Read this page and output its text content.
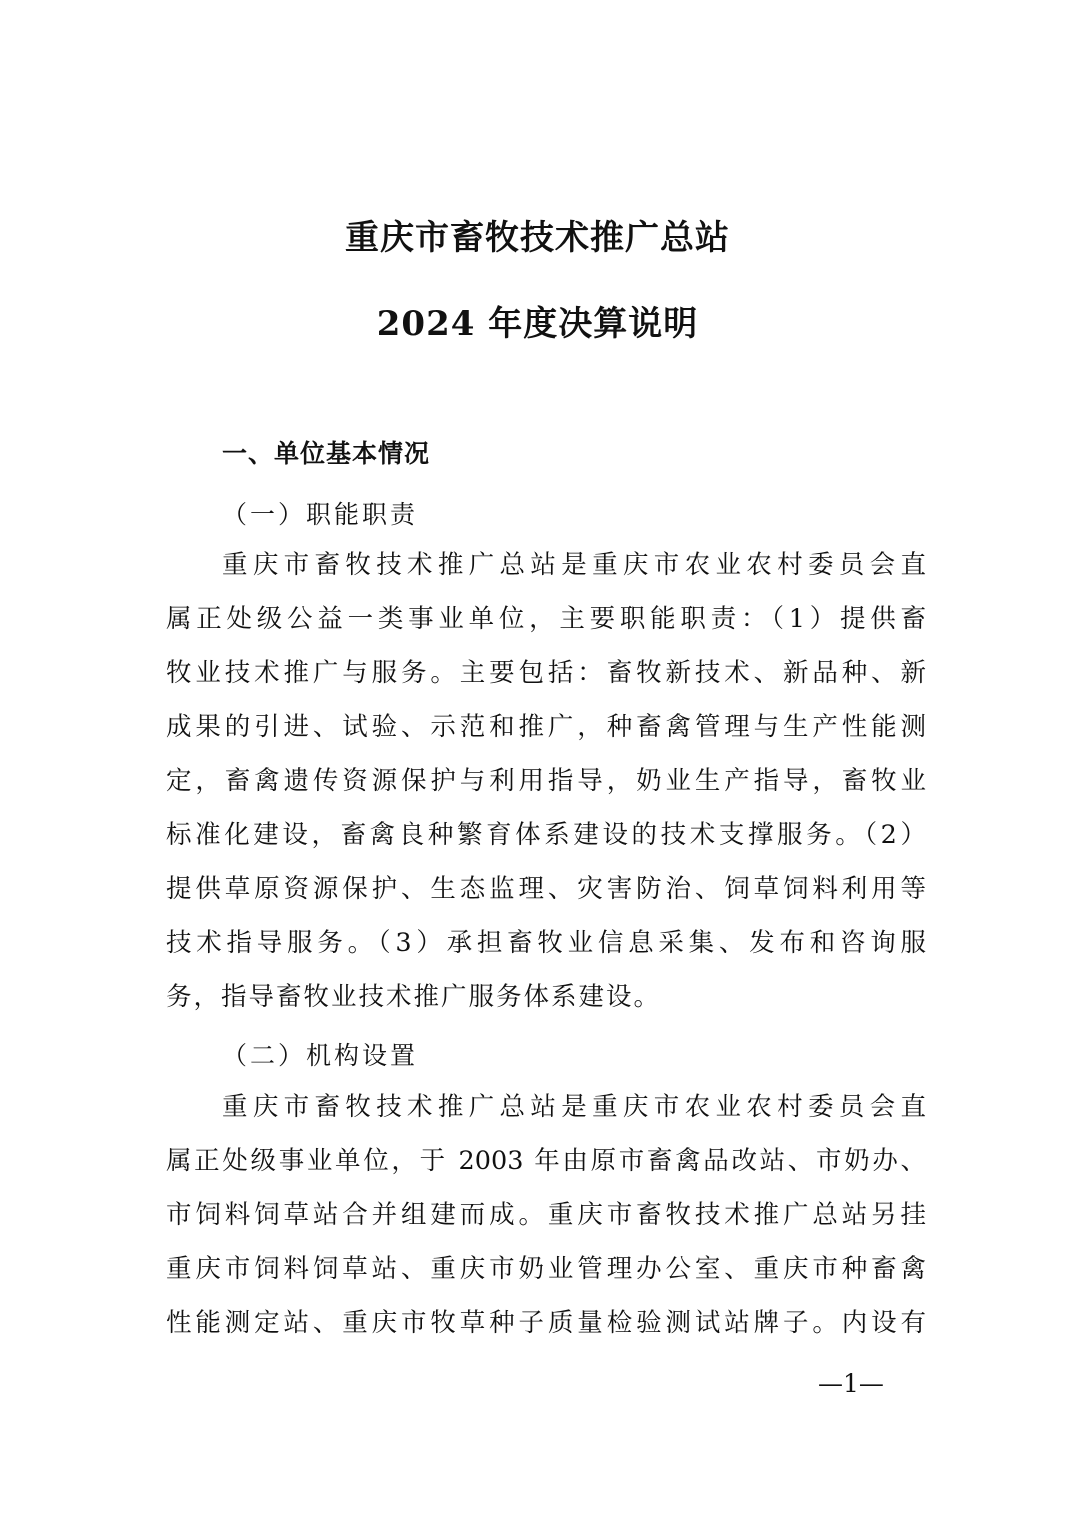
重庆市畜牧技术推广总站
2024 年度决算说明
一、单位基本情况
（一）职能职责
重庆市畜牧技术推广总站是重庆市农业农村委员会直
属正处级公益一类事业单位，主要职能职责：（1）提供畜
牧业技术推广与服务。主要包括：畜牧新技术、新品种、新
成果的引进、试验、示范和推广，种畜禽管理与生产性能测
定，畜禽遗传资源保护与利用指导，奶业生产指导，畜牧业
标准化建设，畜禽良种繁育体系建设的技术支撑服务。（2）
提供草原资源保护、生态监理、灾害防治、饲草饲料利用等
技术指导服务。（3）承担畜牧业信息采集、发布和咨询服
务，指导畜牧业技术推广服务体系建设。
（二）机构设置
重庆市畜牧技术推广总站是重庆市农业农村委员会直
属正处级事业单位，于 2003 年由原市畜禽品改站、市奶办、
市饲料饲草站合并组建而成。重庆市畜牧技术推广总站另挂
重庆市饲料饲草站、重庆市奶业管理办公室、重庆市种畜禽
性能测定站、重庆市牧草种子质量检验测试站牌子。内设有
—1—
